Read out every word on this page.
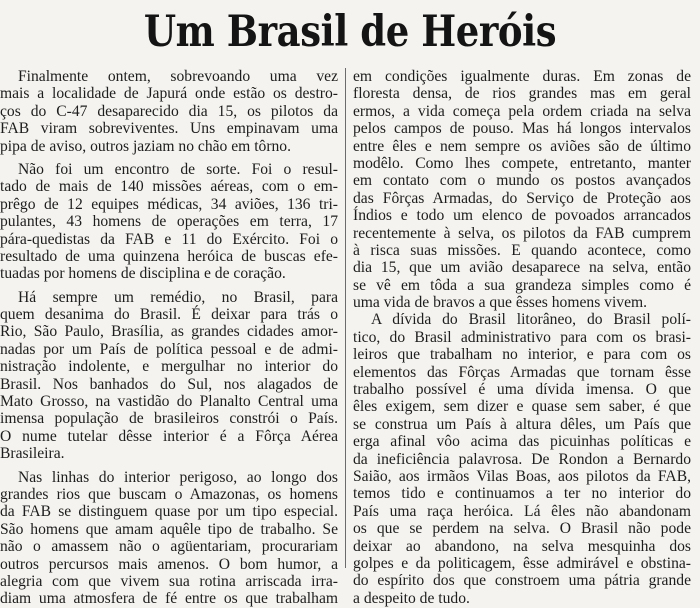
Um Brasil de Heróis
Finalmente ontem, sobrevoando uma vez
mais a localidade de Japurá onde estão os destro-
ços do C-47 desaparecido dia 15, os pilotos da
FAB viram sobreviventes. Uns empinavam uma
pipa de aviso, outros jaziam no chão em tôrno.
Não foi um encontro de sorte. Foi o resul-
tado de mais de 140 missões aéreas, com o em-
prêgo de 12 equipes médicas, 34 aviões, 136 tri-
pulantes, 43 homens de operações em terra, 17
pára-quedistas da FAB e 11 do Exército. Foi o
resultado de uma quinzena heróica de buscas efe-
tuadas por homens de disciplina e de coração.
Há sempre um remédio, no Brasil, para
quem desanima do Brasil. É deixar para trás o
Rio, São Paulo, Brasília, as grandes cidades amor-
nadas por um País de política pessoal e de admi-
nistração indolente, e mergulhar no interior do
Brasil. Nos banhados do Sul, nos alagados de
Mato Grosso, na vastidão do Planalto Central uma
imensa população de brasileiros constrói o País.
O nume tutelar dêsse interior é a Fôrça Aérea
Brasileira.
Nas linhas do interior perigoso, ao longo dos
grandes rios que buscam o Amazonas, os homens
da FAB se distinguem quase por um tipo especial.
São homens que amam aquêle tipo de trabalho. Se
não o amassem não o agüentariam, procurariam
outros percursos mais amenos. O bom humor, a
alegria com que vivem sua rotina arriscada irra-
diam uma atmosfera de fé entre os que trabalham
em condições igualmente duras. Em zonas de
floresta densa, de rios grandes mas em geral
ermos, a vida começa pela ordem criada na selva
pelos campos de pouso. Mas há longos intervalos
entre êles e nem sempre os aviões são de último
modêlo. Como lhes compete, entretanto, manter
em contato com o mundo os postos avançados
das Fôrças Armadas, do Serviço de Proteção aos
Índios e todo um elenco de povoados arrancados
recentemente à selva, os pilotos da FAB cumprem
à risca suas missões. E quando acontece, como
dia 15, que um avião desaparece na selva, então
se vê em tôda a sua grandeza simples como é
uma vida de bravos a que êsses homens vivem.
A dívida do Brasil litorâneo, do Brasil polí-
tico, do Brasil administrativo para com os brasi-
leiros que trabalham no interior, e para com os
elementos das Fôrças Armadas que tornam êsse
trabalho possível é uma dívida imensa. O que
êles exigem, sem dizer e quase sem saber, é que
se construa um País à altura dêles, um País que
erga afinal vôo acima das picuinhas políticas e
da ineficiência palavrosa. De Rondon a Bernardo
Saião, aos irmãos Vilas Boas, aos pilotos da FAB,
temos tido e continuamos a ter no interior do
País uma raça heróica. Lá êles não abandonam
os que se perdem na selva. O Brasil não pode
deixar ao abandono, na selva mesquinha dos
golpes e da politicagem, êsse admirável e obstina-
do espírito dos que constroem uma pátria grande
a despeito de tudo.
